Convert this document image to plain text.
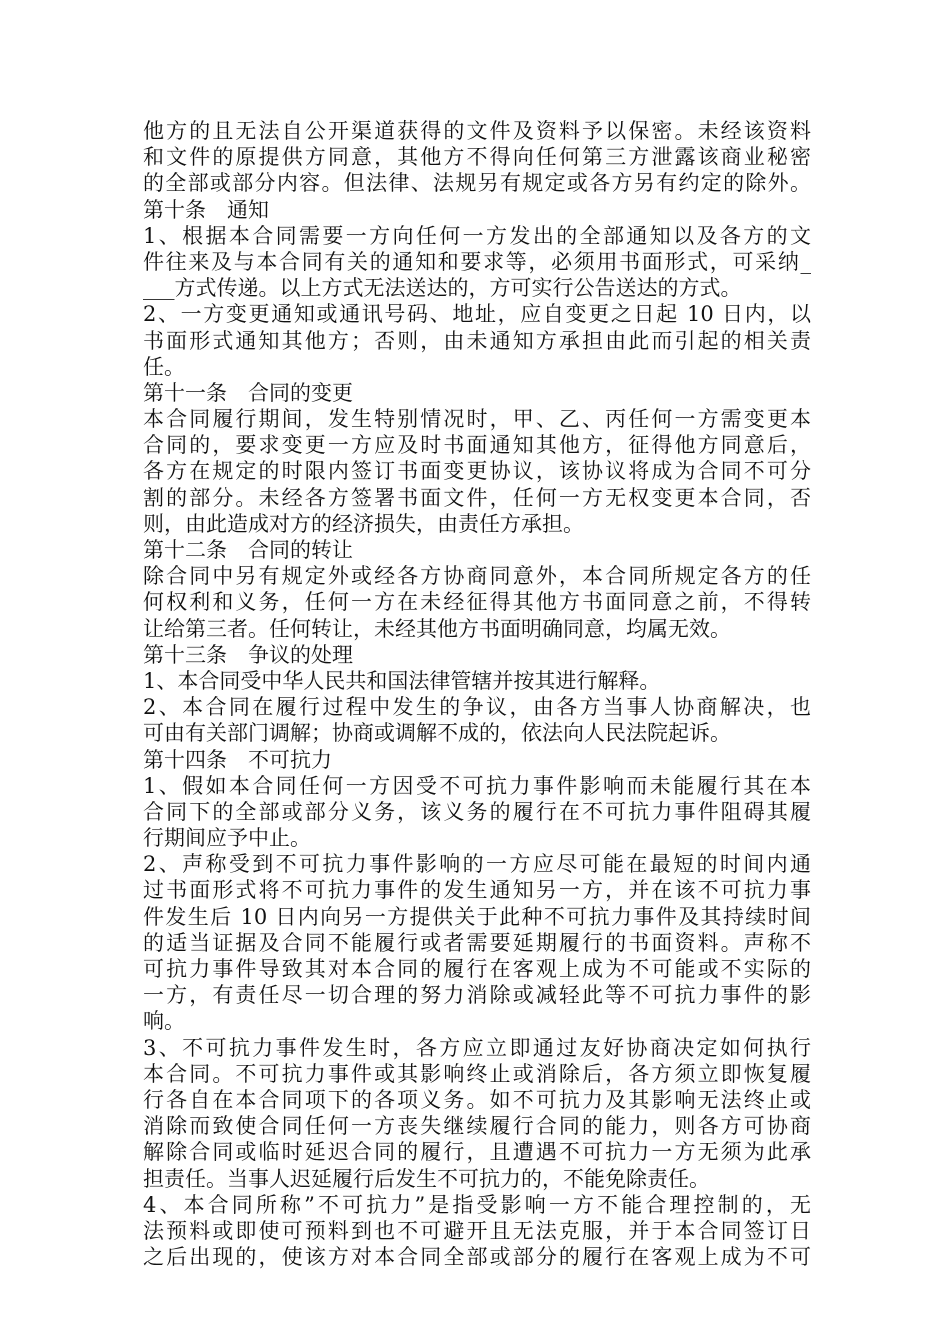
他方的且无法自公开渠道获得的文件及资料予以保密。未经该资料
和文件的原提供方同意，其他方不得向任何第三方泄露该商业秘密
的全部或部分内容。但法律、法规另有规定或各方另有约定的除外。
第十条　通知
1、根据本合同需要一方向任何一方发出的全部通知以及各方的文
件往来及与本合同有关的通知和要求等，必须用书面形式，可采纳_
___方式传递。以上方式无法送达的，方可实行公告送达的方式。
2、一方变更通知或通讯号码、地址，应自变更之日起 10 日内，以
书面形式通知其他方；否则，由未通知方承担由此而引起的相关责
任。
第十一条　合同的变更
本合同履行期间，发生特别情况时，甲、乙、丙任何一方需变更本
合同的，要求变更一方应及时书面通知其他方，征得他方同意后，
各方在规定的时限内签订书面变更协议，该协议将成为合同不可分
割的部分。未经各方签署书面文件，任何一方无权变更本合同，否
则，由此造成对方的经济损失，由责任方承担。
第十二条　合同的转让
除合同中另有规定外或经各方协商同意外，本合同所规定各方的任
何权利和义务，任何一方在未经征得其他方书面同意之前，不得转
让给第三者。任何转让，未经其他方书面明确同意，均属无效。
第十三条　争议的处理
1、本合同受中华人民共和国法律管辖并按其进行解释。
2、本合同在履行过程中发生的争议，由各方当事人协商解决，也
可由有关部门调解；协商或调解不成的，依法向人民法院起诉。
第十四条　不可抗力
1、假如本合同任何一方因受不可抗力事件影响而未能履行其在本
合同下的全部或部分义务，该义务的履行在不可抗力事件阻碍其履
行期间应予中止。
2、声称受到不可抗力事件影响的一方应尽可能在最短的时间内通
过书面形式将不可抗力事件的发生通知另一方，并在该不可抗力事
件发生后 10 日内向另一方提供关于此种不可抗力事件及其持续时间
的适当证据及合同不能履行或者需要延期履行的书面资料。声称不
可抗力事件导致其对本合同的履行在客观上成为不可能或不实际的
一方，有责任尽一切合理的努力消除或减轻此等不可抗力事件的影
响。
3、不可抗力事件发生时，各方应立即通过友好协商决定如何执行
本合同。不可抗力事件或其影响终止或消除后，各方须立即恢复履
行各自在本合同项下的各项义务。如不可抗力及其影响无法终止或
消除而致使合同任何一方丧失继续履行合同的能力，则各方可协商
解除合同或临时延迟合同的履行，且遭遇不可抗力一方无须为此承
担责任。当事人迟延履行后发生不可抗力的，不能免除责任。
4、本合同所称”不可抗力”是指受影响一方不能合理控制的，无
法预料或即使可预料到也不可避开且无法克服，并于本合同签订日
之后出现的，使该方对本合同全部或部分的履行在客观上成为不可
